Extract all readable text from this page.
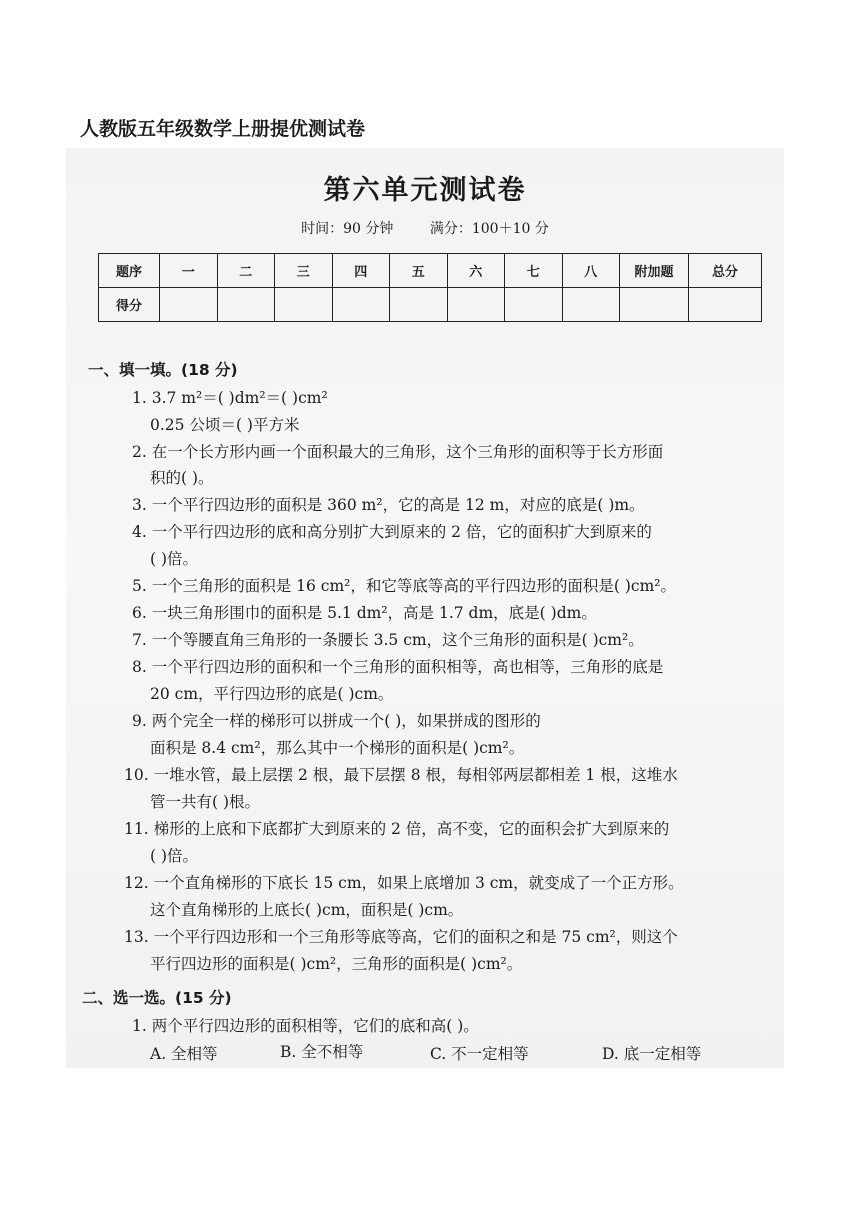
人教版五年级数学上册提优测试卷
第六单元测试卷
时间：90 分钟	满分：100＋10 分
题序	一	二	三	四	五	六	七	八	附加题	总分
得分										
一、填一填。(18 分)
1. 3.7 m²＝( )dm²＝( )cm²
0.25 公顷＝( )平方米
2. 在一个长方形内画一个面积最大的三角形，这个三角形的面积等于长方形面
积的( )。
3. 一个平行四边形的面积是 360 m²，它的高是 12 m，对应的底是( )m。
4. 一个平行四边形的底和高分别扩大到原来的 2 倍，它的面积扩大到原来的
( )倍。
5. 一个三角形的面积是 16 cm²，和它等底等高的平行四边形的面积是( )cm²。
6. 一块三角形围巾的面积是 5.1 dm²，高是 1.7 dm，底是( )dm。
7. 一个等腰直角三角形的一条腰长 3.5 cm，这个三角形的面积是( )cm²。
8. 一个平行四边形的面积和一个三角形的面积相等，高也相等，三角形的底是
20 cm，平行四边形的底是( )cm。
9. 两个完全一样的梯形可以拼成一个( )，如果拼成的图形的
面积是 8.4 cm²，那么其中一个梯形的面积是( )cm²。
10. 一堆水管，最上层摆 2 根，最下层摆 8 根，每相邻两层都相差 1 根，这堆水
管一共有( )根。
11. 梯形的上底和下底都扩大到原来的 2 倍，高不变，它的面积会扩大到原来的
( )倍。
12. 一个直角梯形的下底长 15 cm，如果上底增加 3 cm，就变成了一个正方形。
这个直角梯形的上底长( )cm，面积是( )cm。
13. 一个平行四边形和一个三角形等底等高，它们的面积之和是 75 cm²，则这个
平行四边形的面积是( )cm²，三角形的面积是( )cm²。
二、选一选。(15 分)
1. 两个平行四边形的面积相等，它们的底和高( )。
A. 全相等	B. 全不相等	C. 不一定相等	D. 底一定相等
